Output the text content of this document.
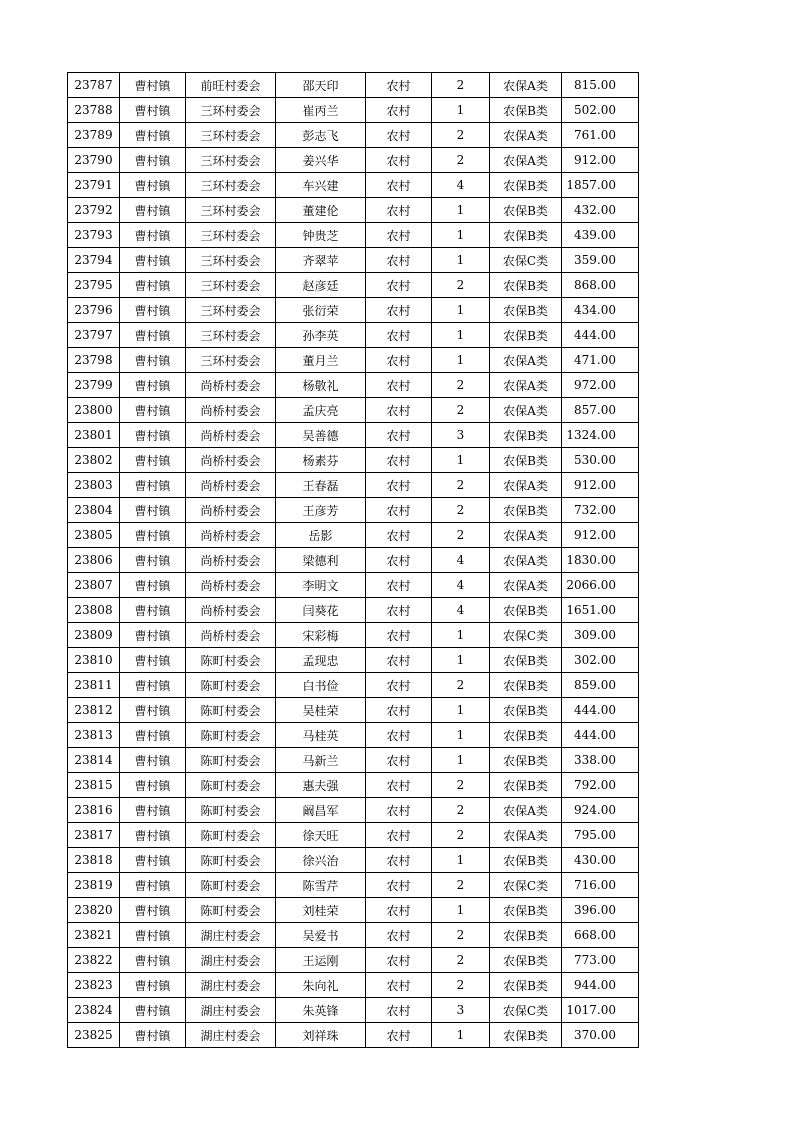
23787	曹村镇	前旺村委会	邵天印	农村	2	农保A类	815.00
23788	曹村镇	三环村委会	崔丙兰	农村	1	农保B类	502.00
23789	曹村镇	三环村委会	彭志飞	农村	2	农保A类	761.00
23790	曹村镇	三环村委会	姜兴华	农村	2	农保A类	912.00
23791	曹村镇	三环村委会	车兴建	农村	4	农保B类	1857.00
23792	曹村镇	三环村委会	董建伦	农村	1	农保B类	432.00
23793	曹村镇	三环村委会	钟贵芝	农村	1	农保B类	439.00
23794	曹村镇	三环村委会	齐翠苹	农村	1	农保C类	359.00
23795	曹村镇	三环村委会	赵彦廷	农村	2	农保B类	868.00
23796	曹村镇	三环村委会	张衍荣	农村	1	农保B类	434.00
23797	曹村镇	三环村委会	孙李英	农村	1	农保B类	444.00
23798	曹村镇	三环村委会	董月兰	农村	1	农保A类	471.00
23799	曹村镇	尚桥村委会	杨敬礼	农村	2	农保A类	972.00
23800	曹村镇	尚桥村委会	孟庆亮	农村	2	农保A类	857.00
23801	曹村镇	尚桥村委会	吴善德	农村	3	农保B类	1324.00
23802	曹村镇	尚桥村委会	杨素芬	农村	1	农保B类	530.00
23803	曹村镇	尚桥村委会	王春磊	农村	2	农保A类	912.00
23804	曹村镇	尚桥村委会	王彦芳	农村	2	农保B类	732.00
23805	曹村镇	尚桥村委会	岳影	农村	2	农保A类	912.00
23806	曹村镇	尚桥村委会	梁德利	农村	4	农保A类	1830.00
23807	曹村镇	尚桥村委会	李明文	农村	4	农保A类	2066.00
23808	曹村镇	尚桥村委会	闫葵花	农村	4	农保B类	1651.00
23809	曹村镇	尚桥村委会	宋彩梅	农村	1	农保C类	309.00
23810	曹村镇	陈町村委会	孟现忠	农村	1	农保B类	302.00
23811	曹村镇	陈町村委会	白书俭	农村	2	农保B类	859.00
23812	曹村镇	陈町村委会	吴桂荣	农村	1	农保B类	444.00
23813	曹村镇	陈町村委会	马桂英	农村	1	农保B类	444.00
23814	曹村镇	陈町村委会	马新兰	农村	1	农保B类	338.00
23815	曹村镇	陈町村委会	惠夫强	农村	2	农保B类	792.00
23816	曹村镇	陈町村委会	阚昌军	农村	2	农保A类	924.00
23817	曹村镇	陈町村委会	徐天旺	农村	2	农保A类	795.00
23818	曹村镇	陈町村委会	徐兴治	农村	1	农保B类	430.00
23819	曹村镇	陈町村委会	陈雪芹	农村	2	农保C类	716.00
23820	曹村镇	陈町村委会	刘桂荣	农村	1	农保B类	396.00
23821	曹村镇	湖庄村委会	吴爱书	农村	2	农保B类	668.00
23822	曹村镇	湖庄村委会	王运刚	农村	2	农保B类	773.00
23823	曹村镇	湖庄村委会	朱向礼	农村	2	农保B类	944.00
23824	曹村镇	湖庄村委会	朱英锋	农村	3	农保C类	1017.00
23825	曹村镇	湖庄村委会	刘祥珠	农村	1	农保B类	370.00
